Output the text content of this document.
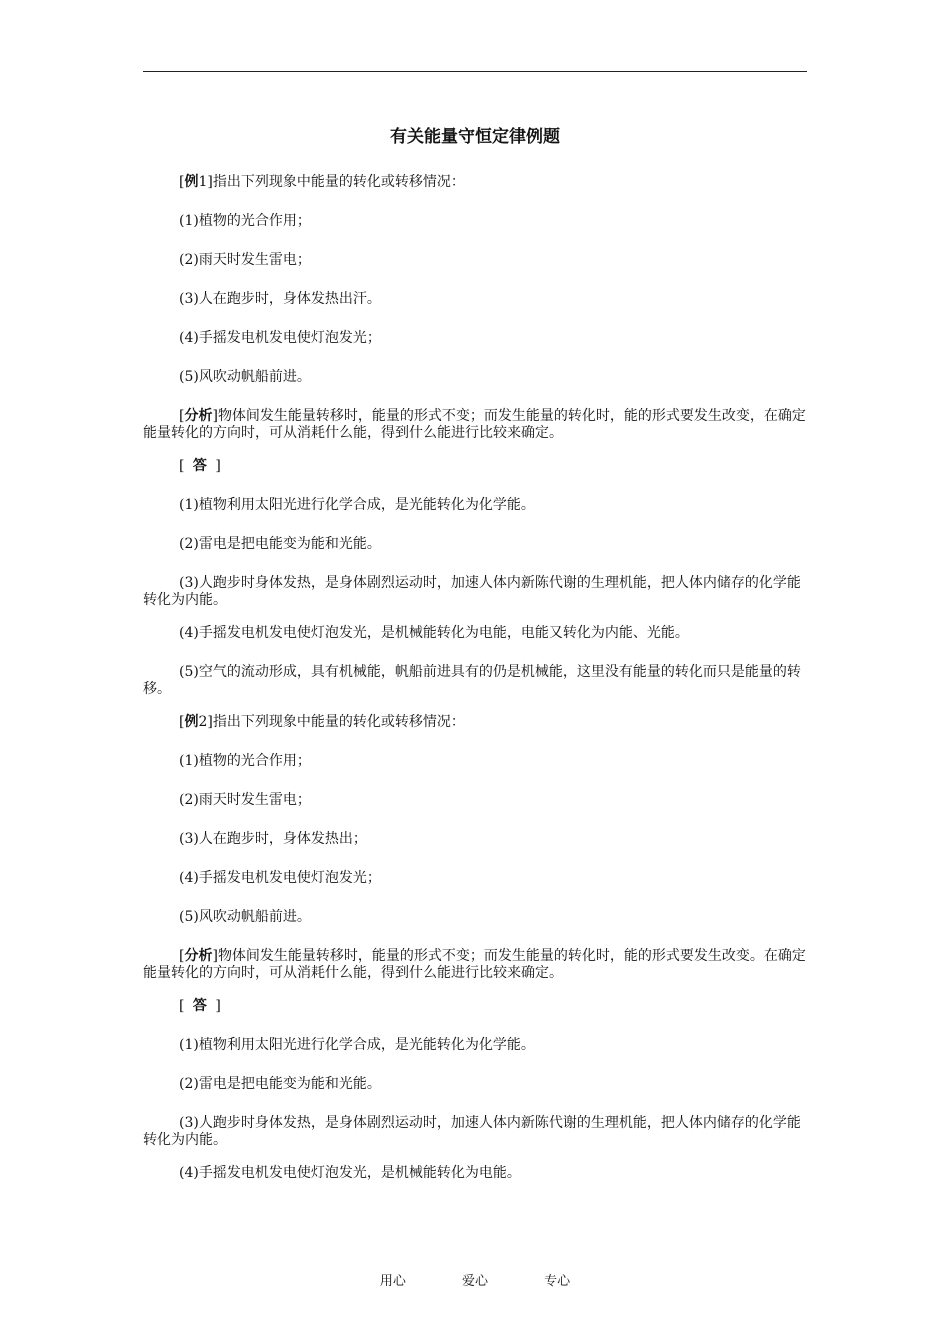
有关能量守恒定律例题

[例1]指出下列现象中能量的转化或转移情况：

(1)植物的光合作用；

(2)雨天时发生雷电；

(3)人在跑步时，身体发热出汗。

(4)手摇发电机发电使灯泡发光；

(5)风吹动帆船前进。

[分析]物体间发生能量转移时，能量的形式不变；而发生能量的转化时，能的形式要发生改变，在确定能量转化的方向时，可从消耗什么能，得到什么能进行比较来确定。

[ 答 ]

(1)植物利用太阳光进行化学合成，是光能转化为化学能。

(2)雷电是把电能变为能和光能。

(3)人跑步时身体发热，是身体剧烈运动时，加速人体内新陈代谢的生理机能，把人体内储存的化学能转化为内能。

(4)手摇发电机发电使灯泡发光，是机械能转化为电能，电能又转化为内能、光能。

(5)空气的流动形成，具有机械能，帆船前进具有的仍是机械能，这里没有能量的转化而只是能量的转移。

[例2]指出下列现象中能量的转化或转移情况：

(1)植物的光合作用；

(2)雨天时发生雷电；

(3)人在跑步时，身体发热出；

(4)手摇发电机发电使灯泡发光；

(5)风吹动帆船前进。

[分析]物体间发生能量转移时，能量的形式不变；而发生能量的转化时，能的形式要发生改变。在确定能量转化的方向时，可从消耗什么能，得到什么能进行比较来确定。

[ 答 ]

(1)植物利用太阳光进行化学合成，是光能转化为化学能。

(2)雷电是把电能变为能和光能。

(3)人跑步时身体发热，是身体剧烈运动时，加速人体内新陈代谢的生理机能，把人体内储存的化学能转化为内能。

(4)手摇发电机发电使灯泡发光，是机械能转化为电能。

用心	爱心	专心
